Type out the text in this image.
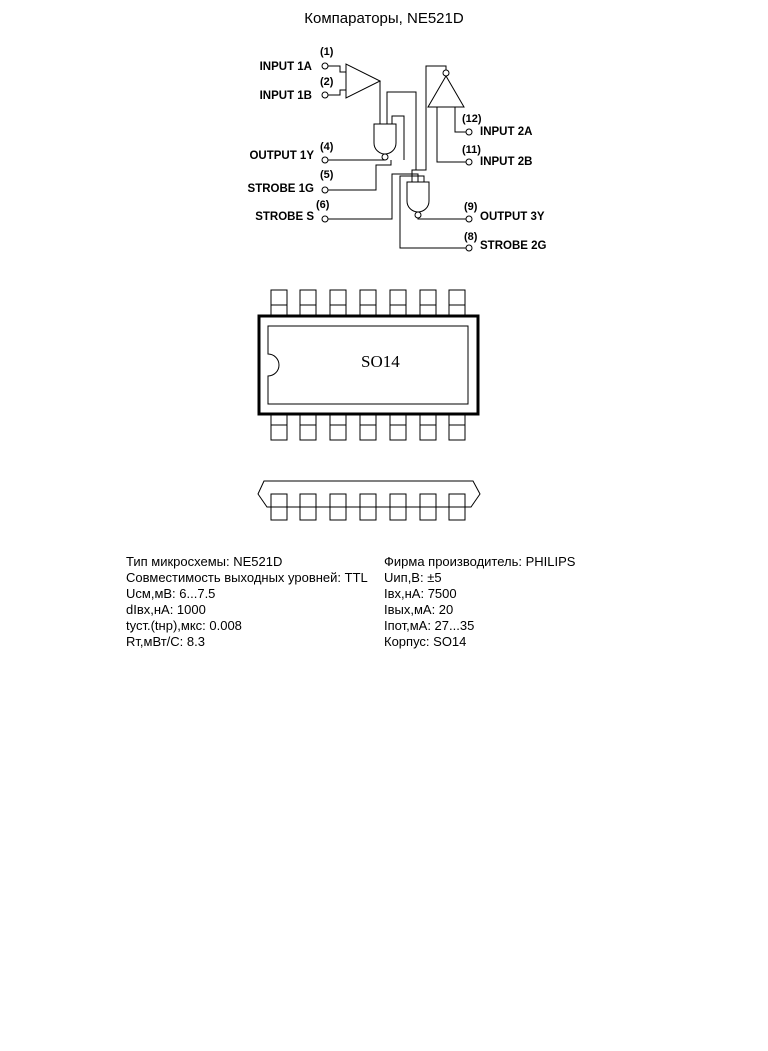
Компараторы, NE521D
INPUT 1A
(1)
INPUT 1B
(2)
OUTPUT 1Y
(4)
STROBE 1G
(5)
STROBE S
(6)
(12)
INPUT 2A
(11)
INPUT 2B
(9)
OUTPUT 3Y
(8)
STROBE 2G
SO14
Тип микросхемы: NE521D
Совместимость выходных уровней: TTL
Uсм,мВ: 6...7.5
dIвх,нА: 1000
tуст.(tнр),мкс: 0.008
Rт,мВт/С: 8.3
Фирма производитель: PHILIPS
Uип,В: ±5
Iвх,нА: 7500
Iвых,мА: 20
Iпот,мА: 27...35
Корпус: SO14
